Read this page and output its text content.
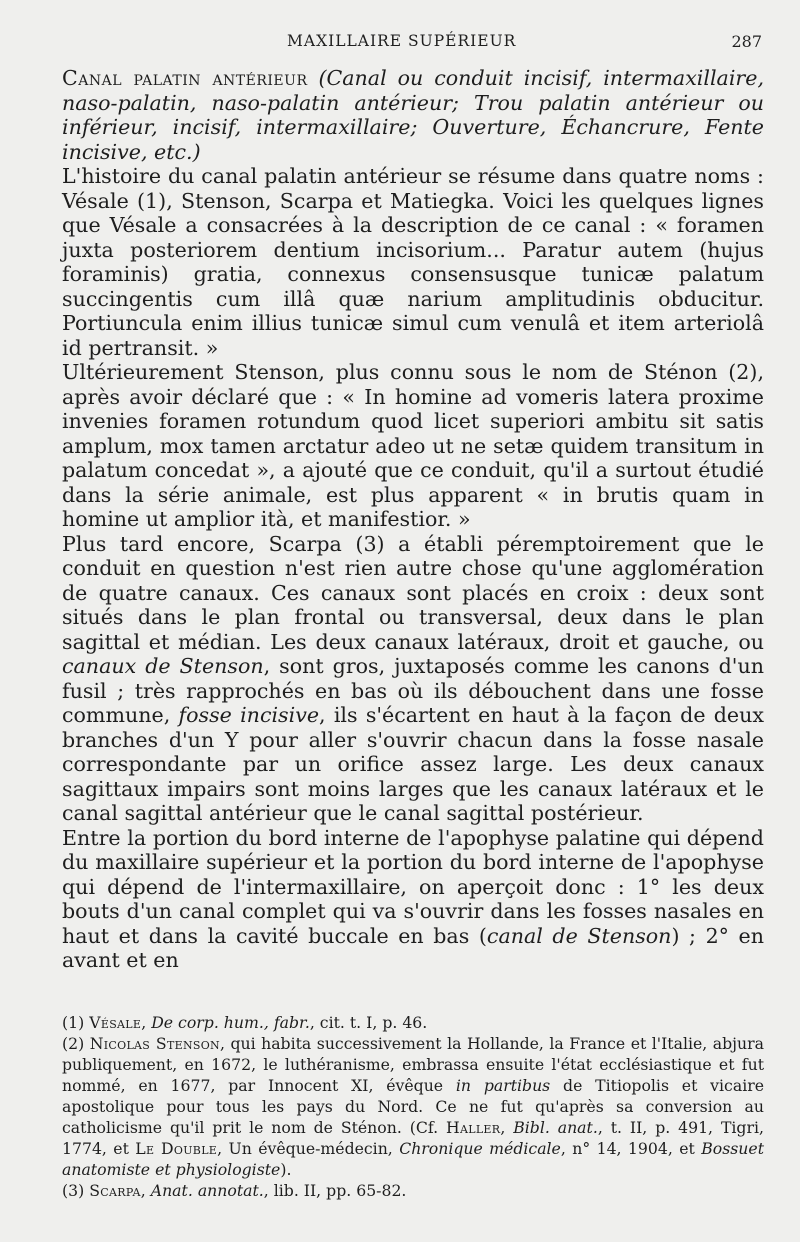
MAXILLAIRE SUPÉRIEUR	287

Canal palatin antérieur (Canal ou conduit incisif, intermaxillaire, naso-palatin, naso-palatin antérieur; Trou palatin antérieur ou inférieur, incisif, intermaxillaire; Ouverture, Échancrure, Fente incisive, etc.)

L'histoire du canal palatin antérieur se résume dans quatre noms : Vésale (1), Stenson, Scarpa et Matiegka. Voici les quelques lignes que Vésale a consacrées à la description de ce canal : « foramen juxta posteriorem dentium incisorium... Paratur autem (hujus foraminis) gratia, connexus consensusque tunicæ palatum succingentis cum illâ quæ narium amplitudinis obducitur. Portiuncula enim illius tunicæ simul cum venulâ et item arteriolâ id pertransit. »

Ultérieurement Stenson, plus connu sous le nom de Sténon (2), après avoir déclaré que : « In homine ad vomeris latera proxime invenies foramen rotundum quod licet superiori ambitu sit satis amplum, mox tamen arctatur adeo ut ne setæ quidem transitum in palatum concedat », a ajouté que ce conduit, qu'il a surtout étudié dans la série animale, est plus apparent « in brutis quam in homine ut amplior ità, et manifestior. »

Plus tard encore, Scarpa (3) a établi péremptoirement que le conduit en question n'est rien autre chose qu'une agglomération de quatre canaux. Ces canaux sont placés en croix : deux sont situés dans le plan frontal ou transversal, deux dans le plan sagittal et médian. Les deux canaux latéraux, droit et gauche, ou canaux de Stenson, sont gros, juxtaposés comme les canons d'un fusil ; très rapprochés en bas où ils débouchent dans une fosse commune, fosse incisive, ils s'écartent en haut à la façon de deux branches d'un Y pour aller s'ouvrir chacun dans la fosse nasale correspondante par un orifice assez large. Les deux canaux sagittaux impairs sont moins larges que les canaux latéraux et le canal sagittal antérieur que le canal sagittal postérieur.

Entre la portion du bord interne de l'apophyse palatine qui dépend du maxillaire supérieur et la portion du bord interne de l'apophyse qui dépend de l'intermaxillaire, on aperçoit donc : 1° les deux bouts d'un canal complet qui va s'ouvrir dans les fosses nasales en haut et dans la cavité buccale en bas (canal de Stenson) ; 2° en avant et en

(1) Vésale, De corp. hum., fabr., cit. t. I, p. 46.

(2) Nicolas Stenson, qui habita successivement la Hollande, la France et l'Italie, abjura publiquement, en 1672, le luthéranisme, embrassa ensuite l'état ecclésiastique et fut nommé, en 1677, par Innocent XI, évêque in partibus de Titiopolis et vicaire apostolique pour tous les pays du Nord. Ce ne fut qu'après sa conversion au catholicisme qu'il prit le nom de Sténon. (Cf. Haller, Bibl. anat., t. II, p. 491, Tigri, 1774, et Le Double, Un évêque-médecin, Chronique médicale, n° 14, 1904, et Bossuet anatomiste et physiologiste).

(3) Scarpa, Anat. annotat., lib. II, pp. 65-82.
